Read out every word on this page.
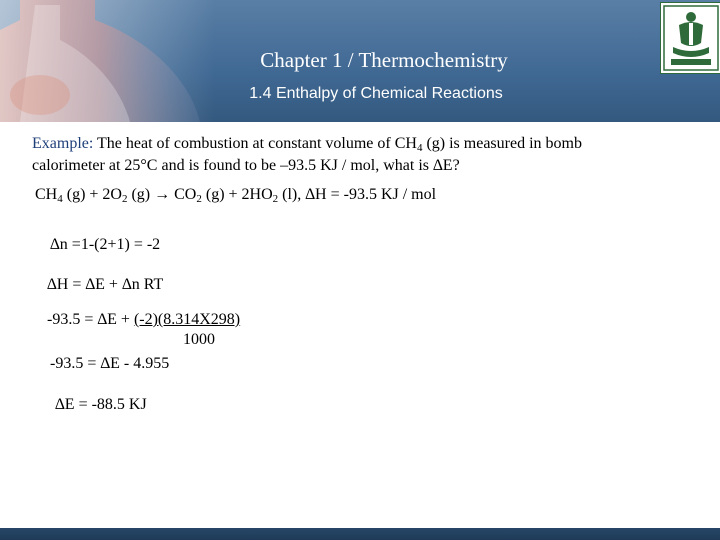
Chapter 1 / Thermochemistry
1.4 Enthalpy of Chemical Reactions
Example: The heat of combustion at constant volume of $CH_4$ (g) is measured in bomb
calorimeter at 25°C and is found to be –93.5 KJ / mol, what is ∆E?
$CH_4$ $(g) + 2O_2$ $(g) \to CO_2$ $(g) + 2HO_2$ (l), ∆H = -93.5 KJ / mol
∆n =1-(2+1) = -2
∆H = ∆E + ∆n RT
-93.5 = ∆E + (-2)(8.314X298)
1000
-93.5 = ∆E - 4.955
∆E = -88.5 KJ
